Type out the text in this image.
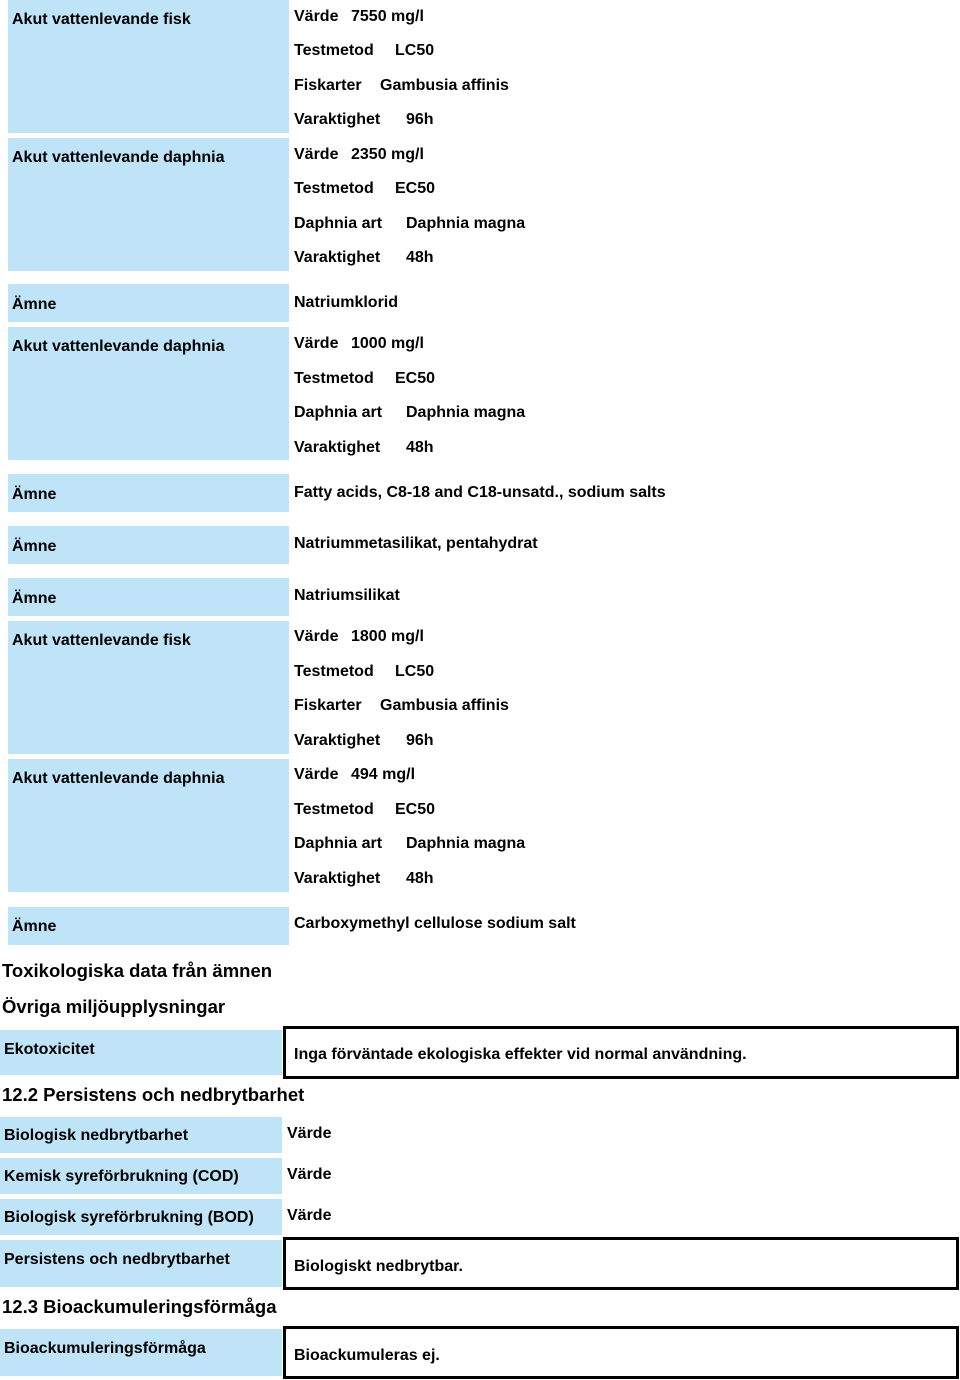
Akut vattenlevande fisk	Värde 7550 mg/l
Testmetod LC50
Fiskarter Gambusia affinis
Varaktighet 96h
Akut vattenlevande daphnia	Värde 2350 mg/l
Testmetod EC50
Daphnia art Daphnia magna
Varaktighet 48h
Ämne	Natriumklorid
Akut vattenlevande daphnia	Värde 1000 mg/l
Testmetod EC50
Daphnia art Daphnia magna
Varaktighet 48h
Ämne	Fatty acids, C8-18 and C18-unsatd., sodium salts
Ämne	Natriummetasilikat, pentahydrat
Ämne	Natriumsilikat
Akut vattenlevande fisk	Värde 1800 mg/l
Testmetod LC50
Fiskarter Gambusia affinis
Varaktighet 96h
Akut vattenlevande daphnia	Värde 494 mg/l
Testmetod EC50
Daphnia art Daphnia magna
Varaktighet 48h
Ämne	Carboxymethyl cellulose sodium salt
Toxikologiska data från ämnen
Övriga miljöupplysningar
Ekotoxicitet	Inga förväntade ekologiska effekter vid normal användning.
12.2 Persistens och nedbrytbarhet
Biologisk nedbrytbarhet	Värde
Kemisk syreförbrukning (COD)	Värde
Biologisk syreförbrukning (BOD) Värde
Persistens och nedbrytbarhet	Biologiskt nedbrytbar.
12.3 Bioackumuleringsförmåga
Bioackumuleringsförmåga	Bioackumuleras ej.
